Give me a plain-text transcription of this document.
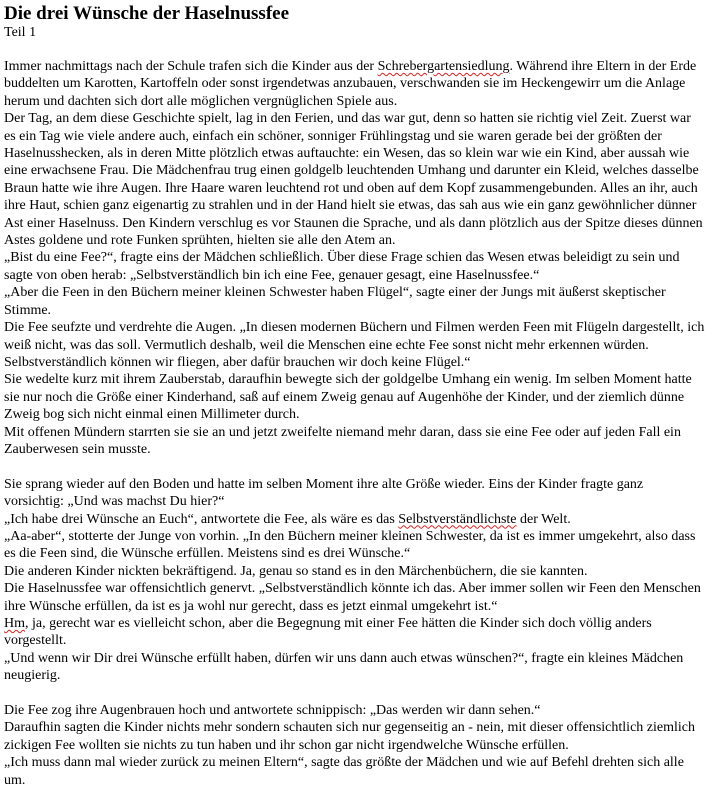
Die drei Wünsche der Haselnussfee
Teil 1

Immer nachmittags nach der Schule trafen sich die Kinder aus der Schrebergartensiedlung. Während ihre Eltern in der Erde buddelten um Karotten, Kartoffeln oder sonst irgendetwas anzubauen, verschwanden sie im Heckengewirr um die Anlage herum und dachten sich dort alle möglichen vergnüglichen Spiele aus.

Der Tag, an dem diese Geschichte spielt, lag in den Ferien, und das war gut, denn so hatten sie richtig viel Zeit. Zuerst war es ein Tag wie viele andere auch, einfach ein schöner, sonniger Frühlingstag und sie waren gerade bei der größten der Haselnusshecken, als in deren Mitte plötzlich etwas auftauchte: ein Wesen, das so klein war wie ein Kind, aber aussah wie eine erwachsene Frau. Die Mädchenfrau trug einen goldgelb leuchtenden Umhang und darunter ein Kleid, welches dasselbe Braun hatte wie ihre Augen. Ihre Haare waren leuchtend rot und oben auf dem Kopf zusammengebunden. Alles an ihr, auch ihre Haut, schien ganz eigenartig zu strahlen und in der Hand hielt sie etwas, das sah aus wie ein ganz gewöhnlicher dünner Ast einer Haselnuss. Den Kindern verschlug es vor Staunen die Sprache, und als dann plötzlich aus der Spitze dieses dünnen Astes goldene und rote Funken sprühten, hielten sie alle den Atem an.

„Bist du eine Fee?“, fragte eins der Mädchen schließlich. Über diese Frage schien das Wesen etwas beleidigt zu sein und sagte von oben herab: „Selbstverständlich bin ich eine Fee, genauer gesagt, eine Haselnussfee.“

„Aber die Feen in den Büchern meiner kleinen Schwester haben Flügel“, sagte einer der Jungs mit äußerst skeptischer Stimme.

Die Fee seufzte und verdrehte die Augen. „In diesen modernen Büchern und Filmen werden Feen mit Flügeln dargestellt, ich weiß nicht, was das soll. Vermutlich deshalb, weil die Menschen eine echte Fee sonst nicht mehr erkennen würden. Selbstverständlich können wir fliegen, aber dafür brauchen wir doch keine Flügel.“

Sie wedelte kurz mit ihrem Zauberstab, daraufhin bewegte sich der goldgelbe Umhang ein wenig. Im selben Moment hatte sie nur noch die Größe einer Kinderhand, saß auf einem Zweig genau auf Augenhöhe der Kinder, und der ziemlich dünne Zweig bog sich nicht einmal einen Millimeter durch.

Mit offenen Mündern starrten sie sie an und jetzt zweifelte niemand mehr daran, dass sie eine Fee oder auf jeden Fall ein Zauberwesen sein musste.

Sie sprang wieder auf den Boden und hatte im selben Moment ihre alte Größe wieder. Eins der Kinder fragte ganz vorsichtig: „Und was machst Du hier?“

„Ich habe drei Wünsche an Euch“, antwortete die Fee, als wäre es das Selbstverständlichste der Welt.

„Aa-aber“, stotterte der Junge von vorhin. „In den Büchern meiner kleinen Schwester, da ist es immer umgekehrt, also dass es die Feen sind, die Wünsche erfüllen. Meistens sind es drei Wünsche.“

Die anderen Kinder nickten bekräftigend. Ja, genau so stand es in den Märchenbüchern, die sie kannten.

Die Haselnussfee war offensichtlich genervt. „Selbstverständlich könnte ich das. Aber immer sollen wir Feen den Menschen ihre Wünsche erfüllen, da ist es ja wohl nur gerecht, dass es jetzt einmal umgekehrt ist.“

Hm, ja, gerecht war es vielleicht schon, aber die Begegnung mit einer Fee hätten die Kinder sich doch völlig anders vorgestellt.

„Und wenn wir Dir drei Wünsche erfüllt haben, dürfen wir uns dann auch etwas wünschen?“, fragte ein kleines Mädchen neugierig.

Die Fee zog ihre Augenbrauen hoch und antwortete schnippisch: „Das werden wir dann sehen.“

Daraufhin sagten die Kinder nichts mehr sondern schauten sich nur gegenseitig an - nein, mit dieser offensichtlich ziemlich zickigen Fee wollten sie nichts zu tun haben und ihr schon gar nicht irgendwelche Wünsche erfüllen.

„Ich muss dann mal wieder zurück zu meinen Eltern“, sagte das größte der Mädchen und wie auf Befehl drehten sich alle um.
